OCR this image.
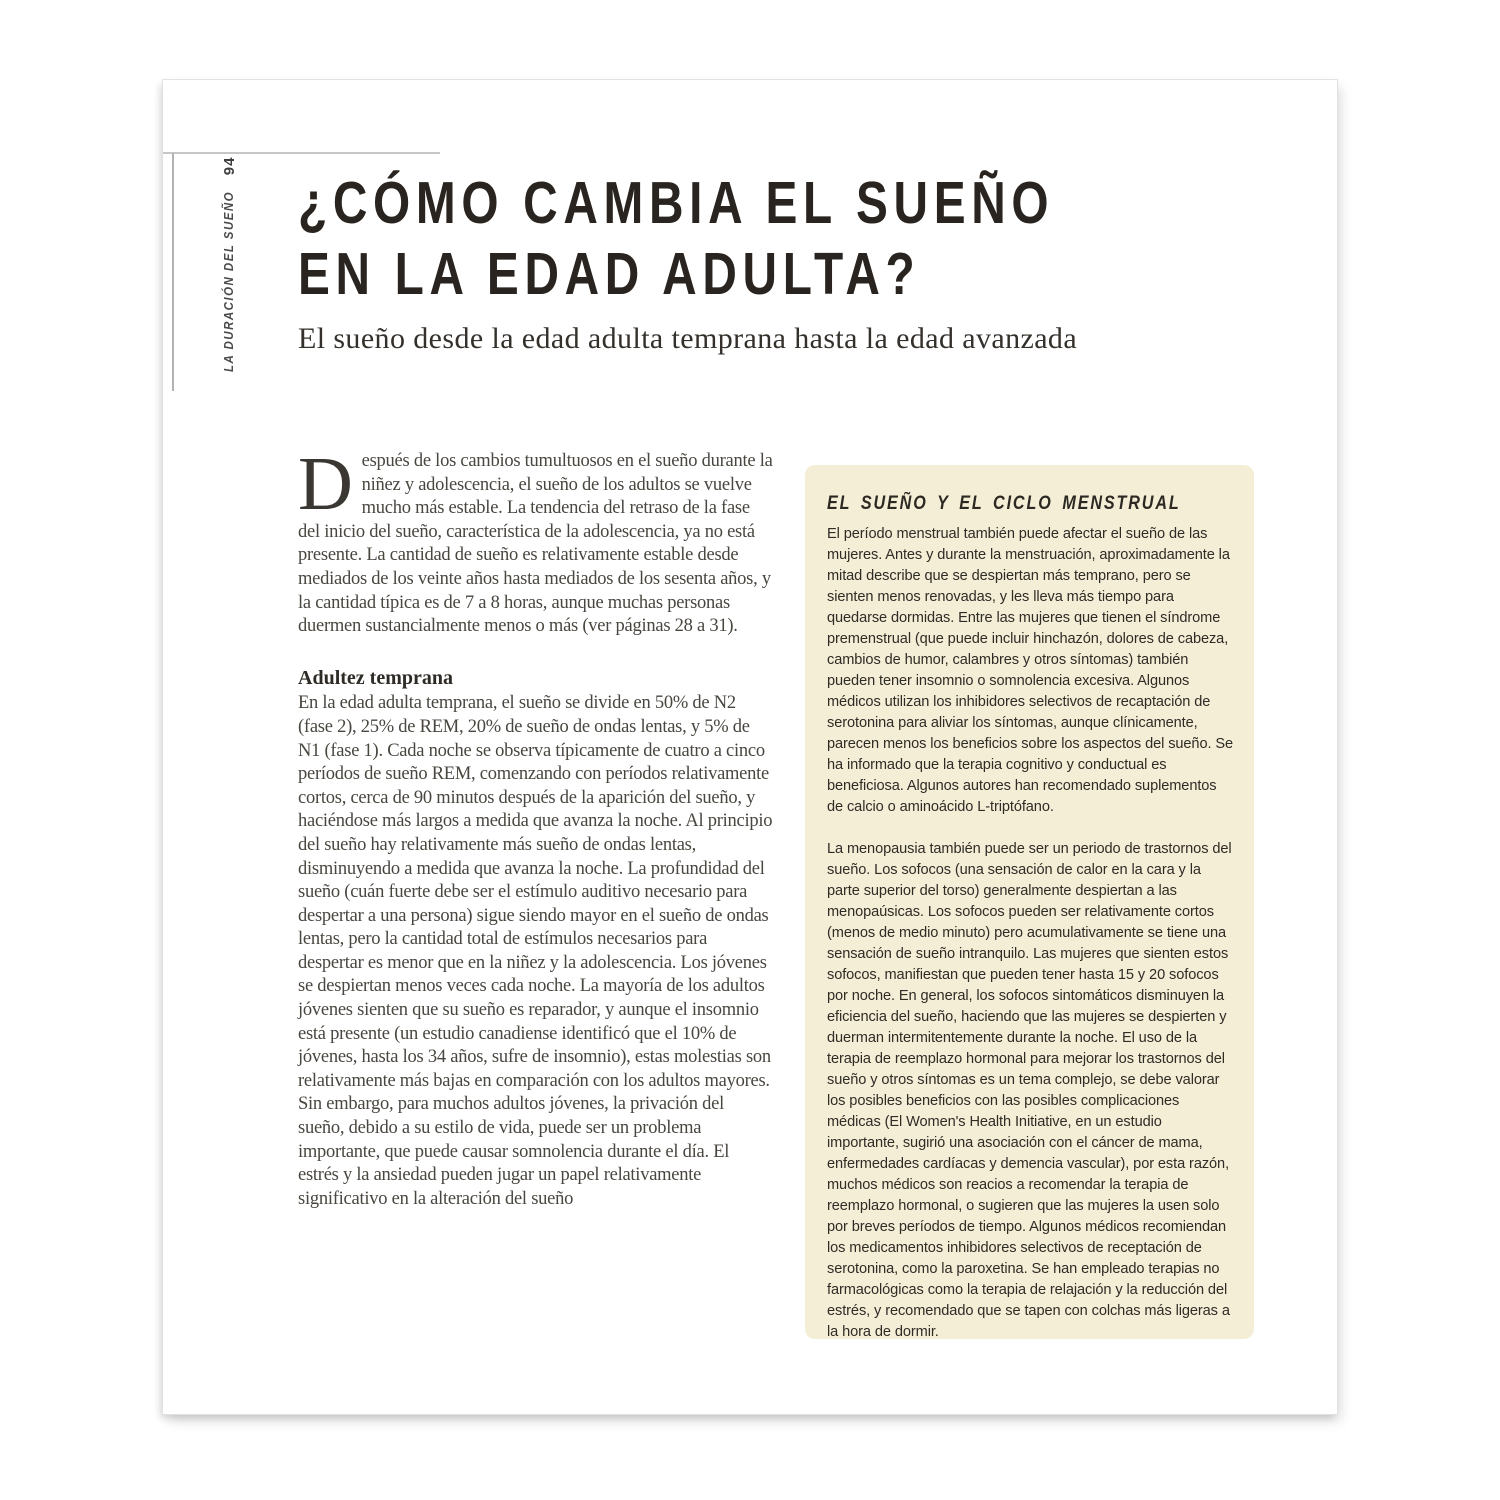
LA DURACIÓN DEL SUEÑO
94
¿CÓMO CAMBIA EL SUEÑO
EN LA EDAD ADULTA?
El sueño desde la edad adulta temprana hasta la edad avanzada

Después de los cambios tumultuosos en el sueño durante la niñez y adolescencia, el sueño de los adultos se vuelve mucho más estable. La tendencia del retraso de la fase del inicio del sueño, característica de la adolescencia, ya no está presente. La cantidad de sueño es relativamente estable desde mediados de los veinte años hasta mediados de los sesenta años, y la cantidad típica es de 7 a 8 horas, aunque muchas personas duermen sustancialmente menos o más (ver páginas 28 a 31).

Adultez temprana

En la edad adulta temprana, el sueño se divide en 50% de N2 (fase 2), 25% de REM, 20% de sueño de ondas lentas, y 5% de N1 (fase 1). Cada noche se observa típicamente de cuatro a cinco períodos de sueño REM, comenzando con períodos relativamente cortos, cerca de 90 minutos después de la aparición del sueño, y haciéndose más largos a medida que avanza la noche. Al principio del sueño hay relativamente más sueño de ondas lentas, disminuyendo a medida que avanza la noche. La profundidad del sueño (cuán fuerte debe ser el estímulo auditivo necesario para despertar a una persona) sigue siendo mayor en el sueño de ondas lentas, pero la cantidad total de estímulos necesarios para despertar es menor que en la niñez y la adolescencia. Los jóvenes se despiertan menos veces cada noche. La mayoría de los adultos jóvenes sienten que su sueño es reparador, y aunque el insomnio está presente (un estudio canadiense identificó que el 10% de jóvenes, hasta los 34 años, sufre de insomnio), estas molestias son relativamente más bajas en comparación con los adultos mayores. Sin embargo, para muchos adultos jóvenes, la privación del sueño, debido a su estilo de vida, puede ser un problema importante, que puede causar somnolencia durante el día. El estrés y la ansiedad pueden jugar un papel relativamente significativo en la alteración del sueño

EL SUEÑO Y EL CICLO MENSTRUAL

El período menstrual también puede afectar el sueño de las mujeres. Antes y durante la menstruación, aproximadamente la mitad describe que se despiertan más temprano, pero se sienten menos renovadas, y les lleva más tiempo para quedarse dormidas. Entre las mujeres que tienen el síndrome premenstrual (que puede incluir hinchazón, dolores de cabeza, cambios de humor, calambres y otros síntomas) también pueden tener insomnio o somnolencia excesiva. Algunos médicos utilizan los inhibidores selectivos de recaptación de serotonina para aliviar los síntomas, aunque clínicamente, parecen menos los beneficios sobre los aspectos del sueño. Se ha informado que la terapia cognitivo y conductual es beneficiosa. Algunos autores han recomendado suplementos de calcio o aminoácido L-triptófano.

La menopausia también puede ser un periodo de trastornos del sueño. Los sofocos (una sensación de calor en la cara y la parte superior del torso) generalmente despiertan a las menopaúsicas. Los sofocos pueden ser relativamente cortos (menos de medio minuto) pero acumulativamente se tiene una sensación de sueño intranquilo. Las mujeres que sienten estos sofocos, manifiestan que pueden tener hasta 15 y 20 sofocos por noche. En general, los sofocos sintomáticos disminuyen la eficiencia del sueño, haciendo que las mujeres se despierten y duerman intermitentemente durante la noche. El uso de la terapia de reemplazo hormonal para mejorar los trastornos del sueño y otros síntomas es un tema complejo, se debe valorar los posibles beneficios con las posibles complicaciones médicas (El Women's Health Initiative, en un estudio importante, sugirió una asociación con el cáncer de mama, enfermedades cardíacas y demencia vascular), por esta razón, muchos médicos son reacios a recomendar la terapia de reemplazo hormonal, o sugieren que las mujeres la usen solo por breves períodos de tiempo. Algunos médicos recomiendan los medicamentos inhibidores selectivos de receptación de serotonina, como la paroxetina. Se han empleado terapias no farmacológicas como la terapia de relajación y la reducción del estrés, y recomendado que se tapen con colchas más ligeras a la hora de dormir.
